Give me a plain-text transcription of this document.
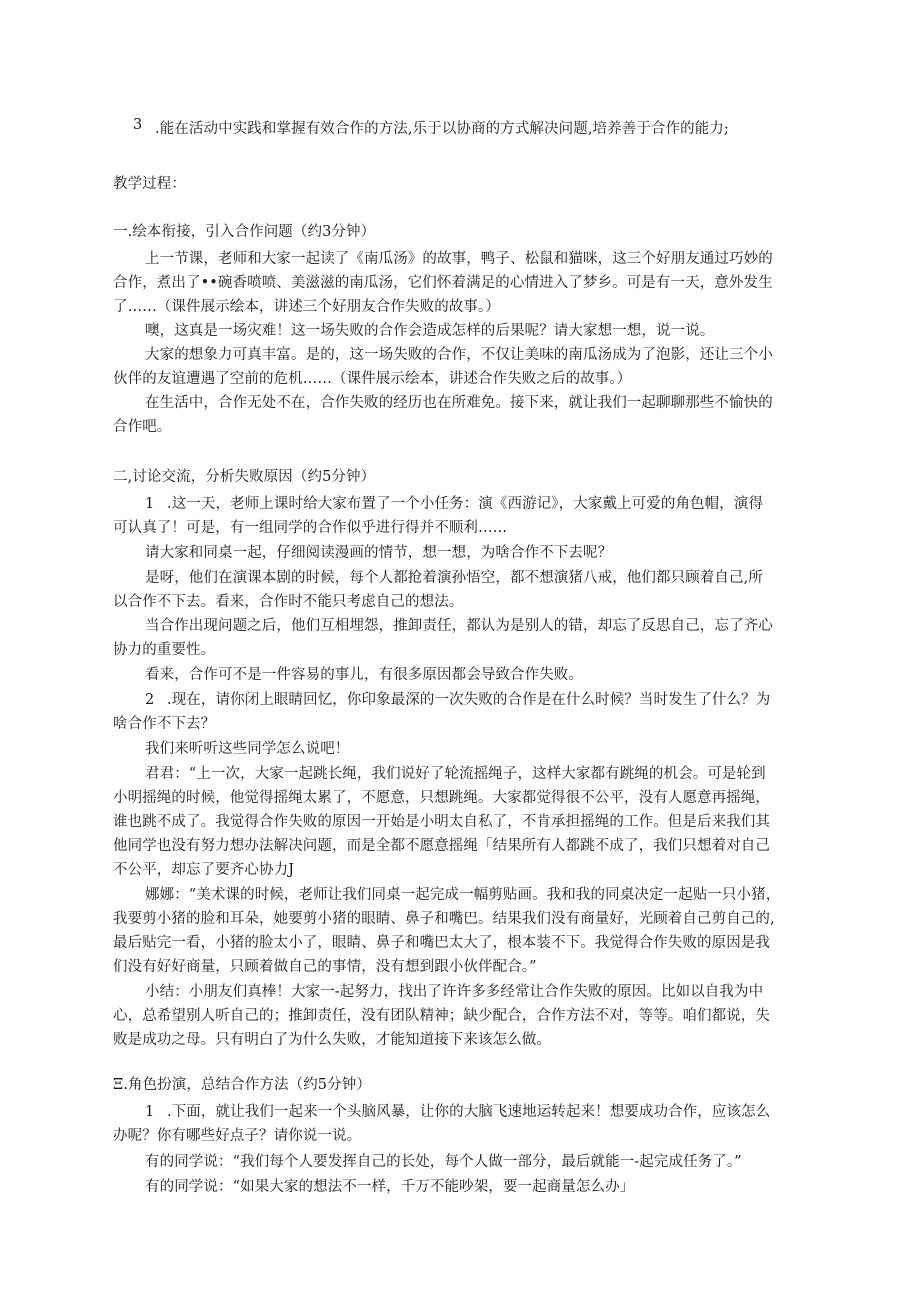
3 .能在活动中实践和掌握有效合作的方法,乐于以协商的方式解决问题,培养善于合作的能力;
教学过程：
一.绘本衔接，引入合作问题（约3分钟）
上一节课，老师和大家一起读了《南瓜汤》的故事，鸭子、松鼠和猫咪，这三个好朋友通过巧妙的
合作，煮出了••碗香喷喷、美滋滋的南瓜汤，它们怀着满足的心情进入了梦乡。可是有一天，意外发生
了……（课件展示绘本，讲述三个好朋友合作失败的故事。）
噢，这真是一场灾难！这一场失败的合作会造成怎样的后果呢？请大家想一想，说一说。
大家的想象力可真丰富。是的，这一场失败的合作，不仅让美味的南瓜汤成为了泡影，还让三个小
伙伴的友谊遭遇了空前的危机……（课件展示绘本，讲述合作失败之后的故事。）
在生活中，合作无处不在，合作失败的经历也在所难免。接下来，就让我们一起聊聊那些不愉快的
合作吧。
二,讨论交流，分析失败原因（约5分钟）
1 .这一天，老师上课时给大家布置了一个小任务：演《西游记》，大家戴上可爱的角色帽，演得
可认真了！可是，有一组同学的合作似乎进行得并不顺利……
请大家和同桌一起，仔细阅读漫画的情节，想一想，为啥合作不下去呢？
是呀，他们在演课本剧的时候，每个人都抢着演孙悟空，都不想演猪八戒，他们都只顾着自己,所
以合作不下去。看来，合作时不能只考虑自己的想法。
当合作出现问题之后，他们互相埋怨，推卸责任，都认为是别人的错，却忘了反思自己，忘了齐心
协力的重要性。
看来，合作可不是一件容易的事儿，有很多原因都会导致合作失败。
2 .现在，请你闭上眼睛回忆，你印象最深的一次失败的合作是在什么时候？当时发生了什么？为
啥合作不下去？
我们来听听这些同学怎么说吧！
君君：“上一次，大家一起跳长绳，我们说好了轮流摇绳子，这样大家都有跳绳的机会。可是轮到
小明摇绳的时候，他觉得摇绳太累了，不愿意，只想跳绳。大家都觉得很不公平，没有人愿意再摇绳，
谁也跳不成了。我觉得合作失败的原因一开始是小明太自私了，不肯承担摇绳的工作。但是后来我们其
他同学也没有努力想办法解决问题，而是全都不愿意摇绳「结果所有人都跳不成了，我们只想着对自己
不公平，却忘了要齐心协力J
娜娜：“美术课的时候，老师让我们同桌一起完成一幅剪贴画。我和我的同桌决定一起贴一只小猪，
我要剪小猪的脸和耳朵，她要剪小猪的眼睛、鼻子和嘴巴。结果我们没有商量好，光顾着自己剪自己的,
最后贴完一看，小猪的脸太小了，眼睛、鼻子和嘴巴太大了，根本装不下。我觉得合作失败的原因是我
们没有好好商量，只顾着做自己的事情，没有想到跟小伙伴配合。”
小结：小朋友们真棒！大家一-起努力，找出了许许多多经常让合作失败的原因。比如以自我为中
心，总希望别人听自己的；推卸责任，没有团队精神；缺少配合，合作方法不对，等等。咱们都说，失
败是成功之母。只有明白了为什么失败，才能知道接下来该怎么做。
Ξ.角色扮演，总结合作方法（约5分钟）
1 .下面，就让我们一起来一个头脑风暴，让你的大脑飞速地运转起来！想要成功合作，应该怎么
办呢？你有哪些好点子？请你说一说。
有的同学说：“我们每个人要发挥自己的长处，每个人做一部分，最后就能一-起完成任务了。”
有的同学说：“如果大家的想法不一样，千万不能吵架，要一起商量怎么办」
